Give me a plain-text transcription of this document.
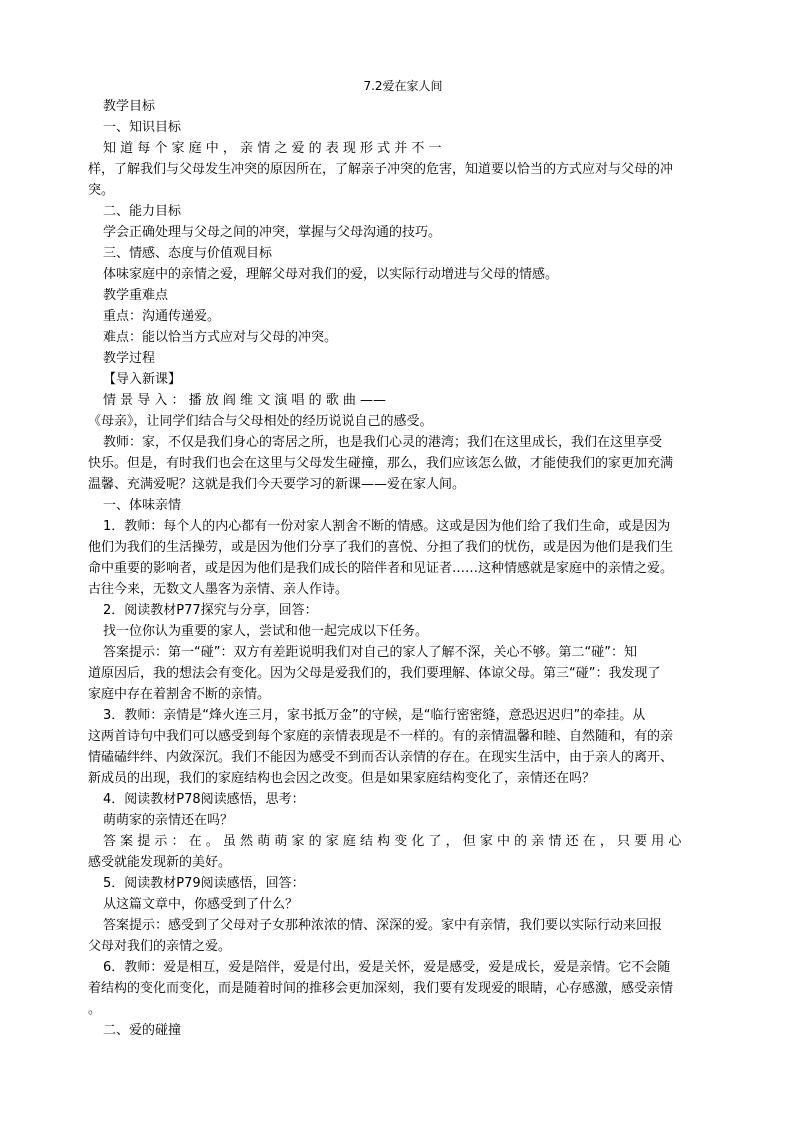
7.2爱在家人间
教学目标
一、知识目标
知 道 每 个 家 庭 中 ， 亲 情 之 爱 的 表 现 形 式 并 不 一
样，了解我们与父母发生冲突的原因所在，了解亲子冲突的危害，知道要以恰当的方式应对与父母的冲
突。
二、能力目标
学会正确处理与父母之间的冲突，掌握与父母沟通的技巧。
三、情感、态度与价值观目标
体味家庭中的亲情之爱，理解父母对我们的爱，以实际行动增进与父母的情感。
教学重难点
重点：沟通传递爱。
难点：能以恰当方式应对与父母的冲突。
教学过程
【导入新课】
情 景 导 入 ： 播 放 阎 维 文 演 唱 的 歌 曲 ——
《母亲》，让同学们结合与父母相处的经历说说自己的感受。
教师：家，不仅是我们身心的寄居之所，也是我们心灵的港湾；我们在这里成长，我们在这里享受
快乐。但是，有时我们也会在这里与父母发生碰撞，那么，我们应该怎么做，才能使我们的家更加充满
温馨、充满爱呢？这就是我们今天要学习的新课——爱在家人间。
一、体味亲情
1．教师：每个人的内心都有一份对家人割舍不断的情感。这或是因为他们给了我们生命，或是因为
他们为我们的生活操劳，或是因为他们分享了我们的喜悦、分担了我们的忧伤，或是因为他们是我们生
命中重要的影响者，或是因为他们是我们成长的陪伴者和见证者……这种情感就是家庭中的亲情之爱。
古往今来，无数文人墨客为亲情、亲人作诗。
2．阅读教材P77探究与分享，回答：
找一位你认为重要的家人，尝试和他一起完成以下任务。
答案提示：第一“碰”：双方有差距说明我们对自己的家人了解不深，关心不够。第二“碰”：知
道原因后，我的想法会有变化。因为父母是爱我们的，我们要理解、体谅父母。第三“碰”：我发现了
家庭中存在着割舍不断的亲情。
3．教师：亲情是“烽火连三月，家书抵万金”的守候，是“临行密密缝，意恐迟迟归”的牵挂。从
这两首诗句中我们可以感受到每个家庭的亲情表现是不一样的。有的亲情温馨和睦、自然随和，有的亲
情磕磕绊绊、内敛深沉。我们不能因为感受不到而否认亲情的存在。在现实生活中，由于亲人的离开、
新成员的出现，我们的家庭结构也会因之改变。但是如果家庭结构变化了，亲情还在吗？
4．阅读教材P78阅读感悟，思考：
萌萌家的亲情还在吗？
答 案 提 示 ： 在 。 虽 然 萌 萌 家 的 家 庭 结 构 变 化 了 ， 但 家 中 的 亲 情 还 在 ， 只 要 用 心
感受就能发现新的美好。
5．阅读教材P79阅读感悟，回答：
从这篇文章中，你感受到了什么？
答案提示：感受到了父母对子女那种浓浓的情、深深的爱。家中有亲情，我们要以实际行动来回报
父母对我们的亲情之爱。
6．教师：爱是相互，爱是陪伴，爱是付出，爱是关怀，爱是感受，爱是成长，爱是亲情。它不会随
着结构的变化而变化，而是随着时间的推移会更加深刻，我们要有发现爱的眼睛，心存感激，感受亲情
。
二、爱的碰撞
